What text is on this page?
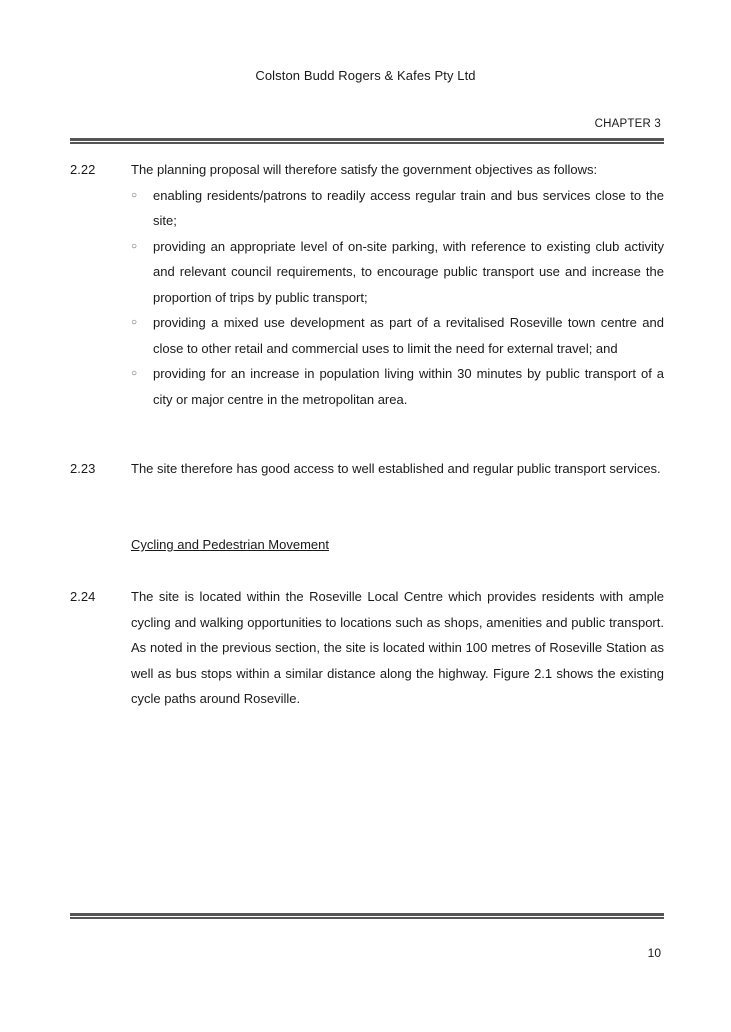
Colston Budd Rogers & Kafes Pty Ltd
CHAPTER 3
2.22	The planning proposal will therefore satisfy the government objectives as follows:
○ enabling residents/patrons to readily access regular train and bus services close to the site;
○ providing an appropriate level of on-site parking, with reference to existing club activity and relevant council requirements, to encourage public transport use and increase the proportion of trips by public transport;
○ providing a mixed use development as part of a revitalised Roseville town centre and close to other retail and commercial uses to limit the need for external travel; and
○ providing for an increase in population living within 30 minutes by public transport of a city or major centre in the metropolitan area.
2.23	The site therefore has good access to well established and regular public transport services.
Cycling and Pedestrian Movement
2.24	The site is located within the Roseville Local Centre which provides residents with ample cycling and walking opportunities to locations such as shops, amenities and public transport. As noted in the previous section, the site is located within 100 metres of Roseville Station as well as bus stops within a similar distance along the highway. Figure 2.1 shows the existing cycle paths around Roseville.
10
